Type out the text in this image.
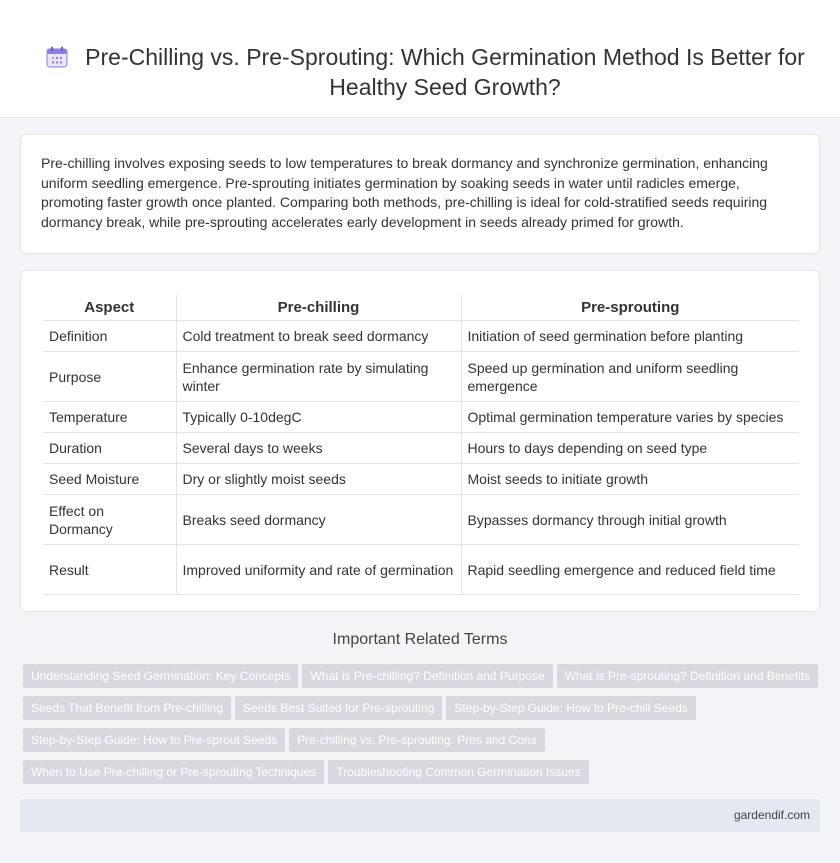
Pre-Chilling vs. Pre-Sprouting: Which Germination Method Is Better for Healthy Seed Growth?

Pre-chilling involves exposing seeds to low temperatures to break dormancy and synchronize germination, enhancing uniform seedling emergence. Pre-sprouting initiates germination by soaking seeds in water until radicles emerge, promoting faster growth once planted. Comparing both methods, pre-chilling is ideal for cold-stratified seeds requiring dormancy break, while pre-sprouting accelerates early development in seeds already primed for growth.

Aspect	Pre-chilling	Pre-sprouting
Definition	Cold treatment to break seed dormancy	Initiation of seed germination before planting
Purpose	Enhance germination rate by simulating winter	Speed up germination and uniform seedling emergence
Temperature	Typically 0-10degC	Optimal germination temperature varies by species
Duration	Several days to weeks	Hours to days depending on seed type
Seed Moisture	Dry or slightly moist seeds	Moist seeds to initiate growth
Effect on Dormancy	Breaks seed dormancy	Bypasses dormancy through initial growth
Result	Improved uniformity and rate of germination	Rapid seedling emergence and reduced field time
Important Related Terms
Understanding Seed Germination: Key Concepts What is Pre-chilling? Definition and Purpose What is Pre-sprouting? Definition and Benefits
Seeds That Benefit from Pre-chilling Seeds Best Suited for Pre-sprouting Step-by-Step Guide: How to Pre-chill Seeds
Step-by-Step Guide: How to Pre-sprout Seeds Pre-chilling vs. Pre-sprouting: Pros and Cons
When to Use Pre-chilling or Pre-sprouting Techniques Troubleshooting Common Germination Issues
gardendif.com
